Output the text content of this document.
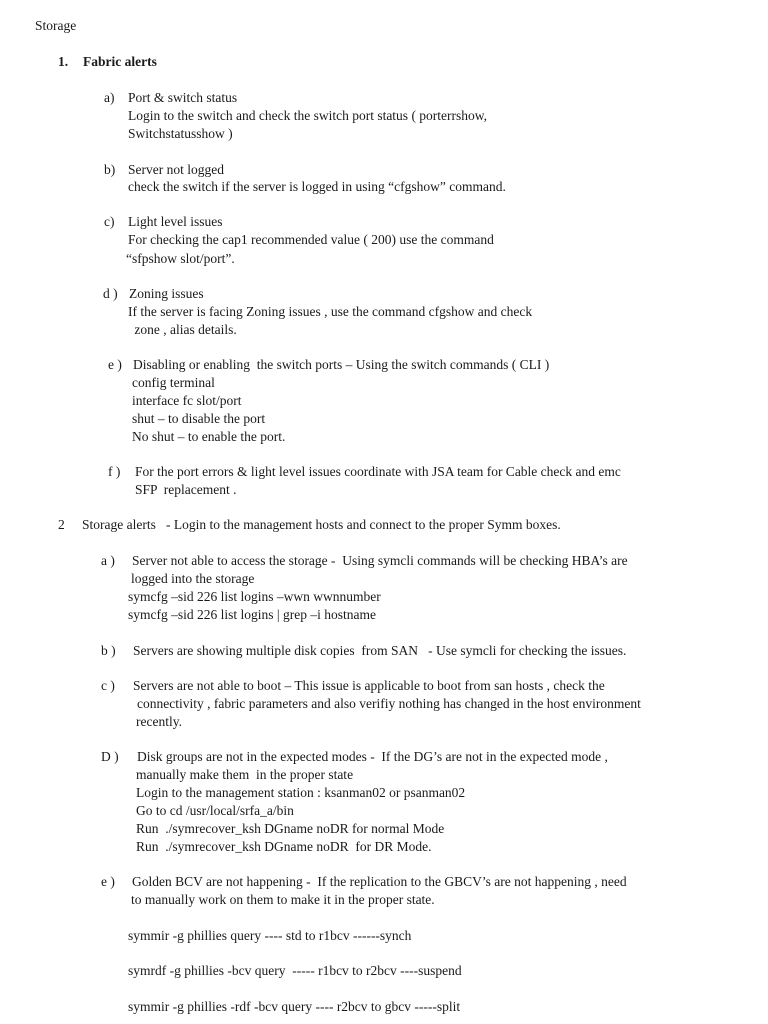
Storage
1. Fabric alerts
a) Port & switch status
Login to the switch and check the switch port status ( porterrshow,
Switchstatusshow )
b) Server not logged
check the switch if the server is logged in using “cfgshow” command.
c) Light level issues
For checking the cap1 recommended value ( 200) use the command
“sfpshow slot/port”.
d ) Zoning issues
If the server is facing Zoning issues , use the command cfgshow and check
zone , alias details.
e ) Disabling or enabling  the switch ports – Using the switch commands ( CLI )
config terminal
interface fc slot/port
shut – to disable the port
No shut – to enable the port.
f ) For the port errors & light level issues coordinate with JSA team for Cable check and emc
SFP  replacement .
2 Storage alerts   - Login to the management hosts and connect to the proper Symm boxes.
a ) Server not able to access the storage -  Using symcli commands will be checking HBA’s are
logged into the storage
symcfg –sid 226 list logins –wwn wwnnumber
symcfg –sid 226 list logins | grep –i hostname
b ) Servers are showing multiple disk copies  from SAN   - Use symcli for checking the issues.
c ) Servers are not able to boot – This issue is applicable to boot from san hosts , check the
connectivity , fabric parameters and also verifiy nothing has changed in the host environment
recently.
D ) Disk groups are not in the expected modes -  If the DG’s are not in the expected mode ,
manually make them  in the proper state
Login to the management station : ksanman02 or psanman02
Go to cd /usr/local/srfa_a/bin
Run  ./symrecover_ksh DGname noDR for normal Mode
Run  ./symrecover_ksh DGname noDR  for DR Mode.
e ) Golden BCV are not happening -  If the replication to the GBCV’s are not happening , need
to manually work on them to make it in the proper state.
symmir -g phillies query ---- std to r1bcv ------synch
symrdf -g phillies -bcv query  ----- r1bcv to r2bcv ----suspend
symmir -g phillies -rdf -bcv query ---- r2bcv to gbcv -----split
